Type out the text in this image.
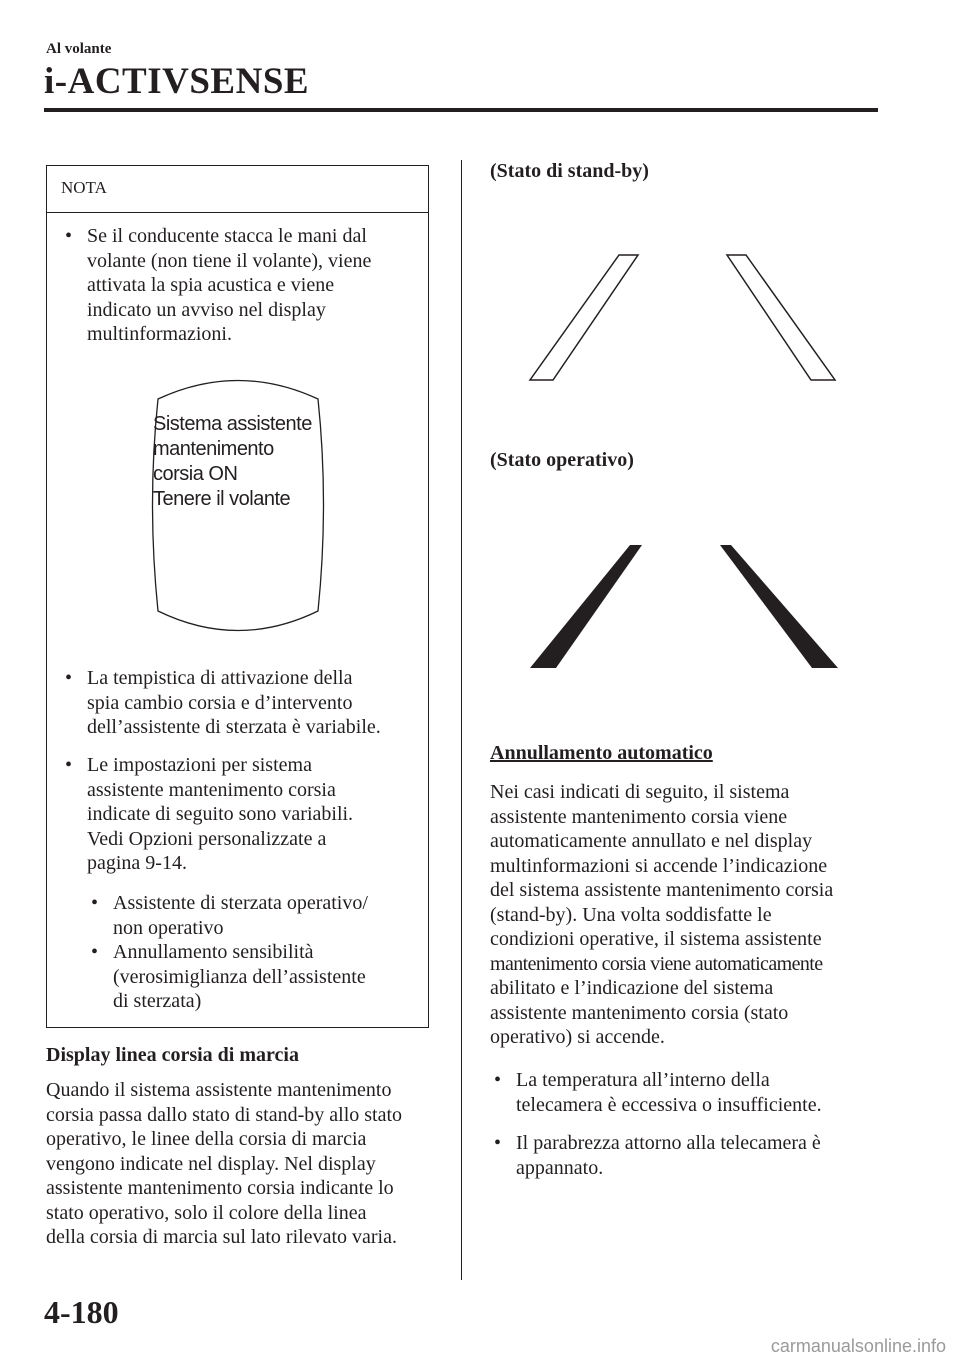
Al volante
i-ACTIVSENSE
NOTA
• Se il conducente stacca le mani dal
volante (non tiene il volante), viene
attivata la spia acustica e viene
indicato un avviso nel display
multinformazioni.
Sistema assistente
mantenimento
corsia ON
Tenere il volante
• La tempistica di attivazione della
spia cambio corsia e d’intervento
dell’assistente di sterzata è variabile.
• Le impostazioni per sistema
assistente mantenimento corsia
indicate di seguito sono variabili.
Vedi Opzioni personalizzate a
pagina 9-14.
• Assistente di sterzata operativo/
non operativo
• Annullamento sensibilità
(verosimiglianza dell’assistente
di sterzata)
Display linea corsia di marcia
Quando il sistema assistente mantenimento
corsia passa dallo stato di stand-by allo stato
operativo, le linee della corsia di marcia
vengono indicate nel display. Nel display
assistente mantenimento corsia indicante lo
stato operativo, solo il colore della linea
della corsia di marcia sul lato rilevato varia.
(Stato di stand-by)
(Stato operativo)
Annullamento automatico
Nei casi indicati di seguito, il sistema
assistente mantenimento corsia viene
automaticamente annullato e nel display
multinformazioni si accende l’indicazione
del sistema assistente mantenimento corsia
(stand-by). Una volta soddisfatte le
condizioni operative, il sistema assistente
mantenimento corsia viene automaticamente
abilitato e l’indicazione del sistema
assistente mantenimento corsia (stato
operativo) si accende.
• La temperatura all’interno della
telecamera è eccessiva o insufficiente.
• Il parabrezza attorno alla telecamera è
appannato.
4-180
carmanualsonline.info
